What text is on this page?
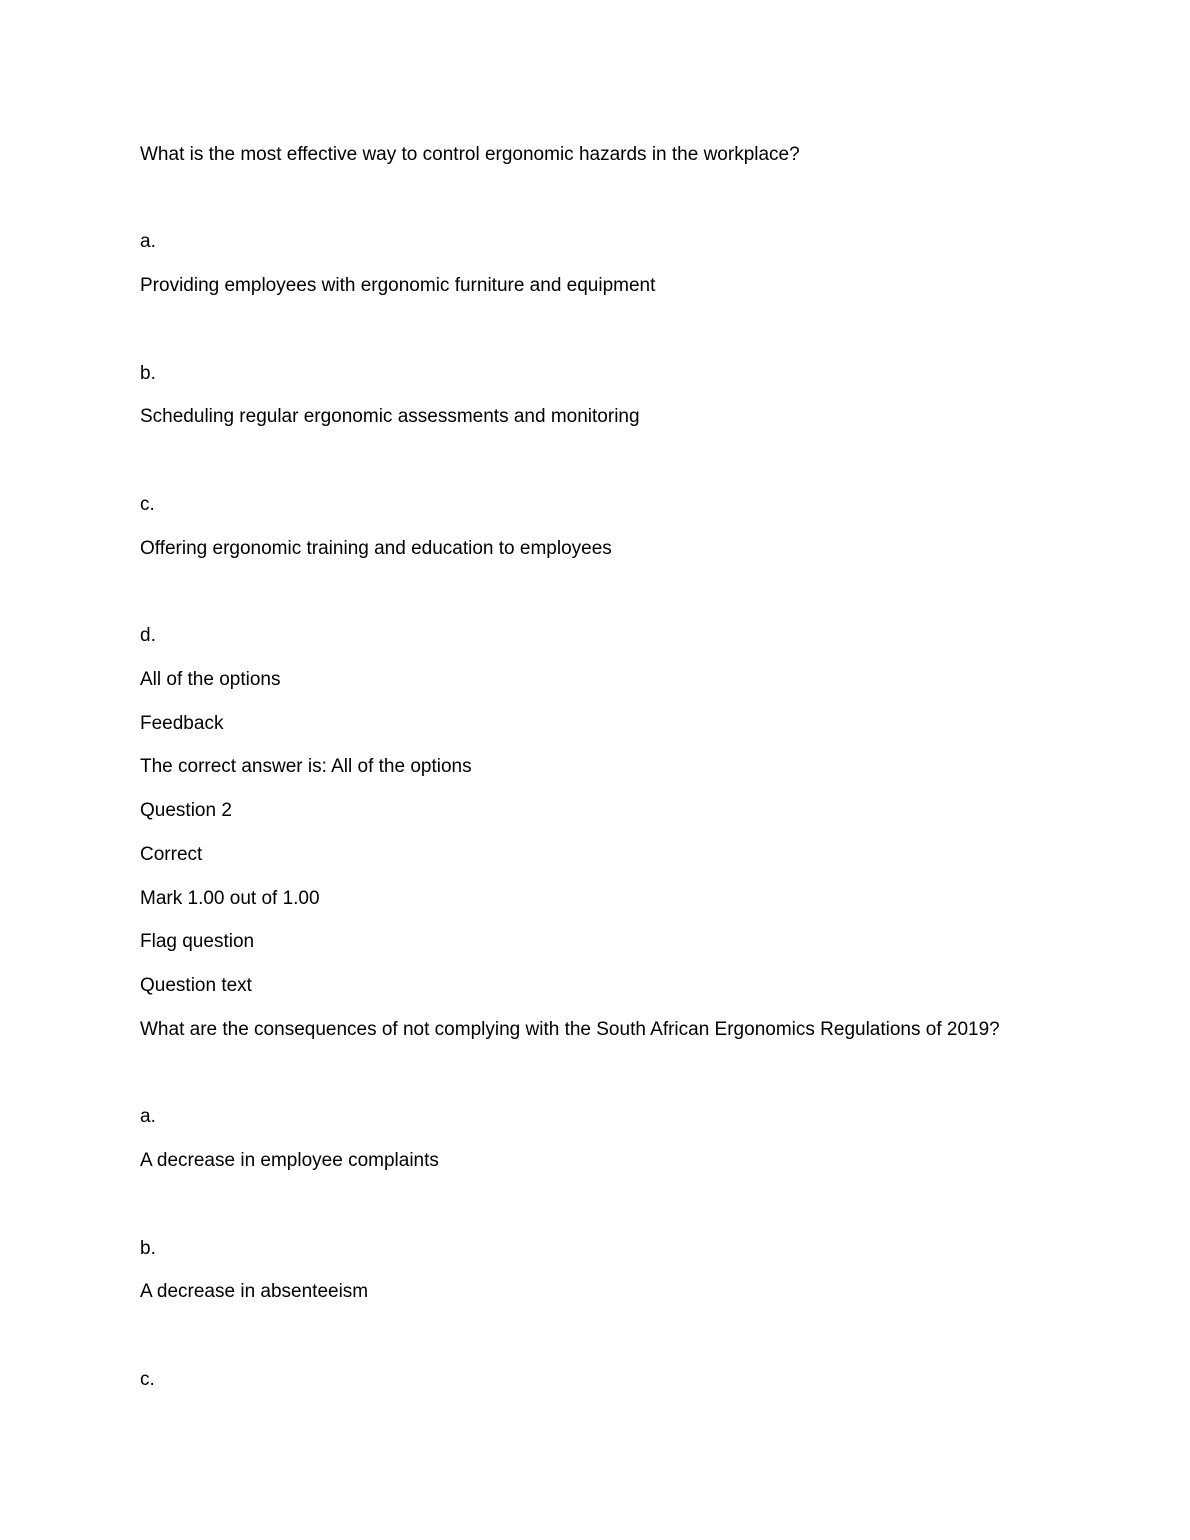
What is the most effective way to control ergonomic hazards in the workplace?

a.

Providing employees with ergonomic furniture and equipment

b.

Scheduling regular ergonomic assessments and monitoring

c.

Offering ergonomic training and education to employees

d.

All of the options

Feedback

The correct answer is: All of the options

Question 2

Correct

Mark 1.00 out of 1.00

Flag question

Question text

What are the consequences of not complying with the South African Ergonomics Regulations of 2019?

a.

A decrease in employee complaints

b.

A decrease in absenteeism

c.
